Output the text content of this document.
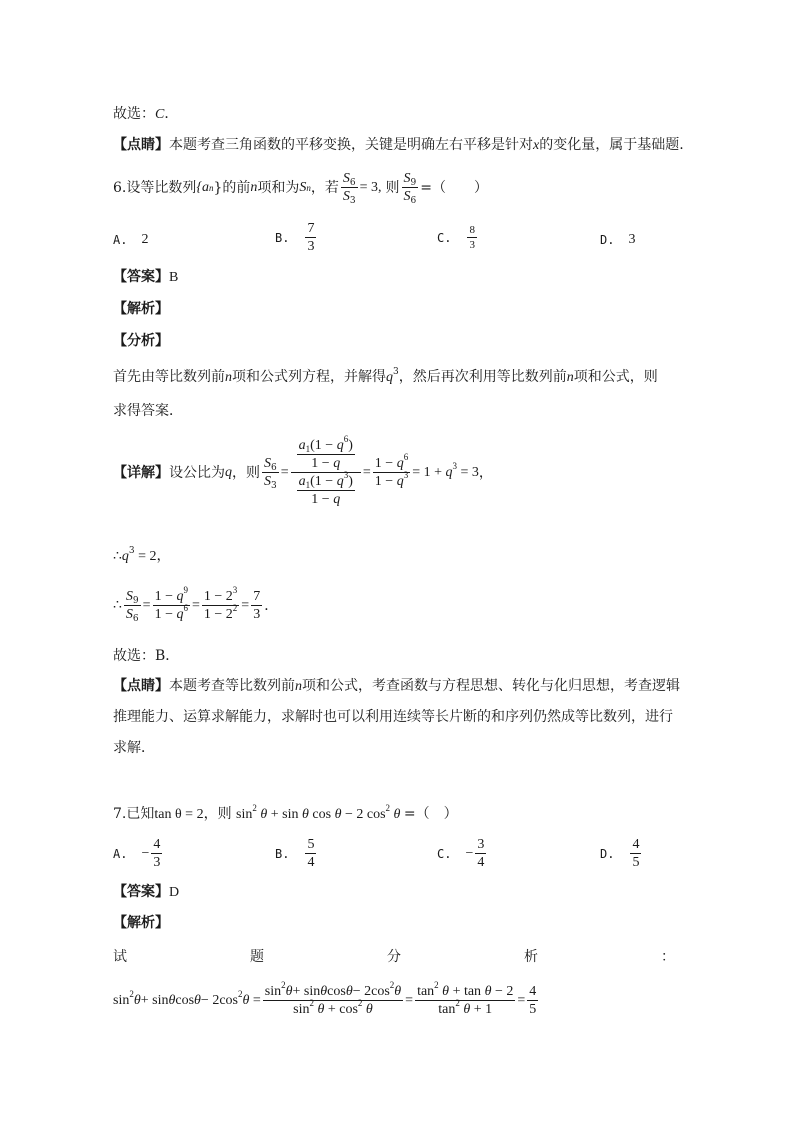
故选：C．
【点睛】本题考查三角函数的平移变换，关键是明确左右平移是针对x的变化量，属于基础题.
6.设等比数列 {a n } 的前 n 项和为 S n ，若 $\frac{S_6}{S_3} = 3$, 则 $\frac{S_9}{S_6}$ =（　　）
A. 2	B. $\frac{7}{3}$	C. $\frac{8}{3}$	D. 3
【答案】B
【解析】
【分析】
首先由等比数列前n项和公式列方程，并解得$q^3$，然后再次利用等比数列前n项和公式，则
求得答案．
【详解】 设公比为 q ，则 $\frac{S_6}{S_3} = \frac{\frac{a_1(1 - q^6)}{1 - q}}{\frac{a_1(1 - q^3)}{1 - q}} = \frac{1 - q^6}{1 - q^3} = 1 + q^3 = 3$ ，
$\therefore q^3 = 2$，
∴ $\frac{S_9}{S_6} = \frac{1 - q^9}{1 - q^6} = \frac{1 - 2^3}{1 - 2^2} = \frac{7}{3}$ ．
故选：B．
【点睛】本题考查等比数列前n项和公式，考查函数与方程思想、转化与化归思想，考查逻辑
推理能力、运算求解能力，求解时也可以利用连续等长片断的和序列仍然成等比数列，进行
求解．
7.已知tan θ = 2，则 $\sin^2 \theta + \sin \theta$ cos θ − 2 $\cos^2 \theta$ =（　）
A. − $\frac{4}{3}$	B. $\frac{5}{4}$	C. − $\frac{3}{4}$	D. $\frac{4}{5}$
【答案】D
【解析】
试	题	分	析	：
$\sin^2\theta+ \sin\theta\cos\theta- 2\cos^2\theta = \frac{\sin^2\theta+ \sin\theta\cos\theta- 2\cos^2\theta}{\sin^2 \theta + \cos^2 \theta} = \frac{\tan^2 \theta + \tan \theta - 2}{\tan^2 \theta + 1} = \frac{4}{5}$
